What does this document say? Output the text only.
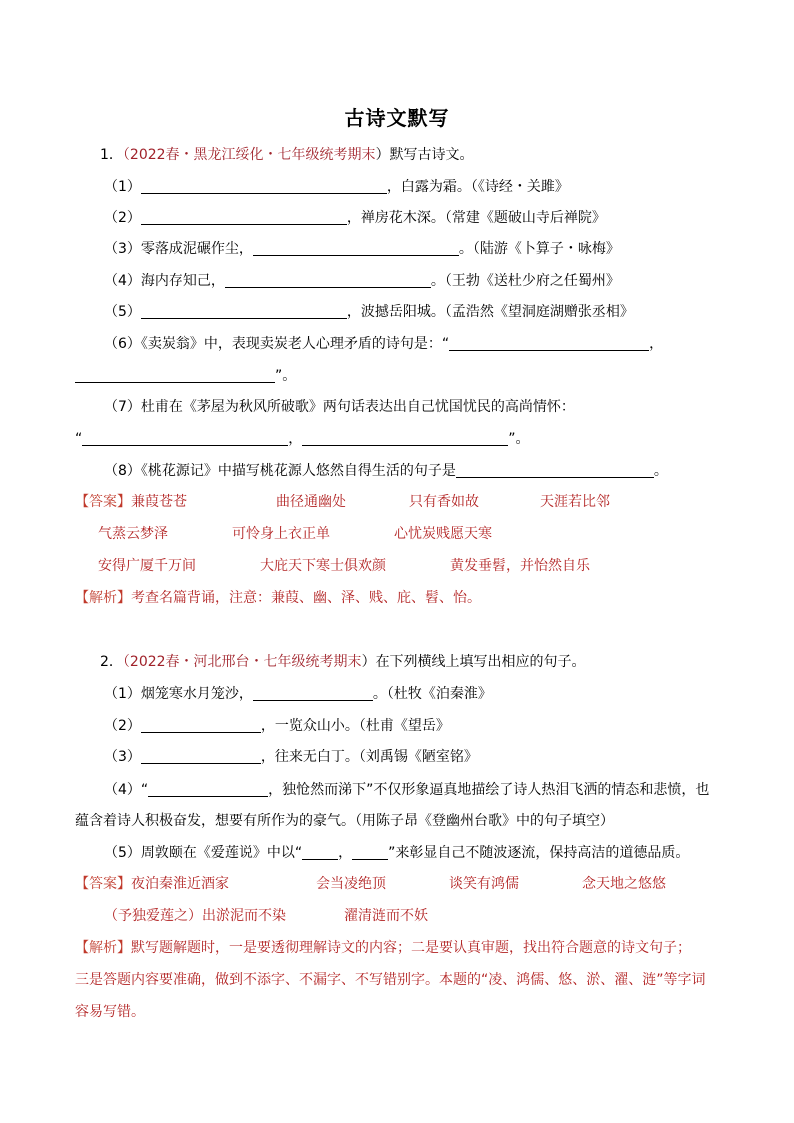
古诗文默写
1．（2022春・黑龙江绥化・七年级统考期末）默写古诗文。
（1）	，白露为霜。（《诗经・关雎》
（2）	，禅房花木深。（常建《题破山寺后禅院》
（3）零落成泥碾作尘，	。（陆游《卜算子・咏梅》
（4）海内存知己，	。（王勃《送杜少府之任蜀州》
（5）	，波撼岳阳城。（孟浩然《望洞庭湖赠张丞相》
（6）《卖炭翁》中，表现卖炭老人心理矛盾的诗句是：“	，
”。
（7）杜甫在《茅屋为秋风所破歌》两句话表达出自己忧国忧民的高尚情怀：
“	，	”。
（8）《桃花源记》中描写桃花源人悠然自得生活的句子是	。
【答案】 兼葭苍苍	曲径通幽处	只有香如故	天涯若比邻
气蒸云梦泽	可怜身上衣正单	心忧炭贱愿天寒
安得广厦千万间	大庇天下寒士俱欢颜	黄发垂髫，并怡然自乐
【解析】考查名篇背诵，注意：兼葭、幽、泽、贱、庇、髫、怡。
2．（2022春・河北邢台・七年级统考期末）在下列横线上填写出相应的句子。
（1）烟笼寒水月笼沙，	。（杜牧《泊秦淮》
（2）	，一览众山小。（杜甫《望岳》
（3）	，往来无白丁。（刘禹锡《陋室铭》
（4）“	，独怆然而涕下”不仅形象逼真地描绘了诗人热泪飞洒的情态和悲愤，也
蕴含着诗人积极奋发，想要有所作为的豪气。（用陈子昂《登幽州台歌》中的句子填空）
（5）周敦颐在《爱莲说》中以“	，	”来彰显自己不随波逐流，保持高洁的道德品质。
【答案】 夜泊秦淮近酒家	会当凌绝顶	谈笑有鸿儒	念天地之悠悠
（予独爱莲之）出淤泥而不染	濯清涟而不妖
【解析】默写题解题时，一是要透彻理解诗文的内容；二是要认真审题，找出符合题意的诗文句子；
三是答题内容要准确，做到不添字、不漏字、不写错别字。本题的“凌、鸿儒、悠、淤、濯、涟”等字词
容易写错。
